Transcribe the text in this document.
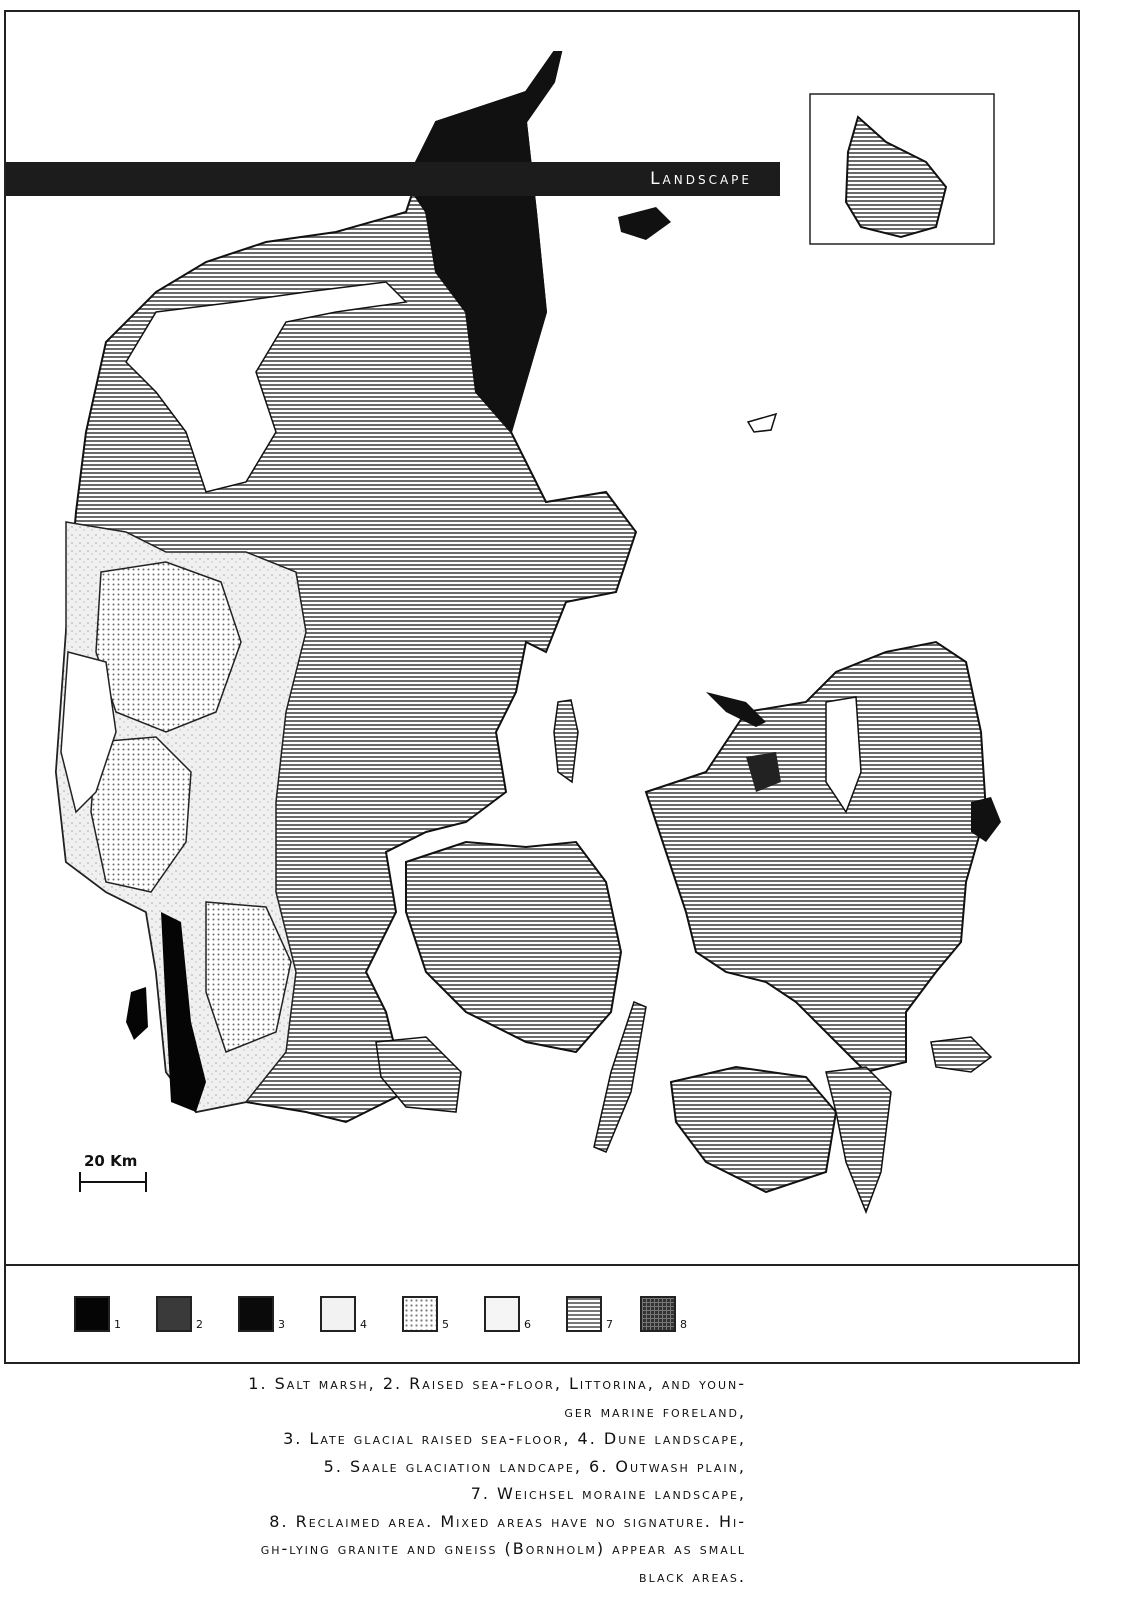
20 Km
Landscape
1	2	3	4	5	6	7	8
1. Salt marsh, 2. Raised sea-floor, Littorina, and youn-
ger marine foreland,
3. Late glacial raised sea-floor, 4. Dune landscape,
5. Saale glaciation landcape, 6. Outwash plain,
7. Weichsel moraine landscape,
8. Reclaimed area. Mixed areas have no signature. Hi-
gh-lying granite and gneiss (Bornholm) appear as small
black areas.
